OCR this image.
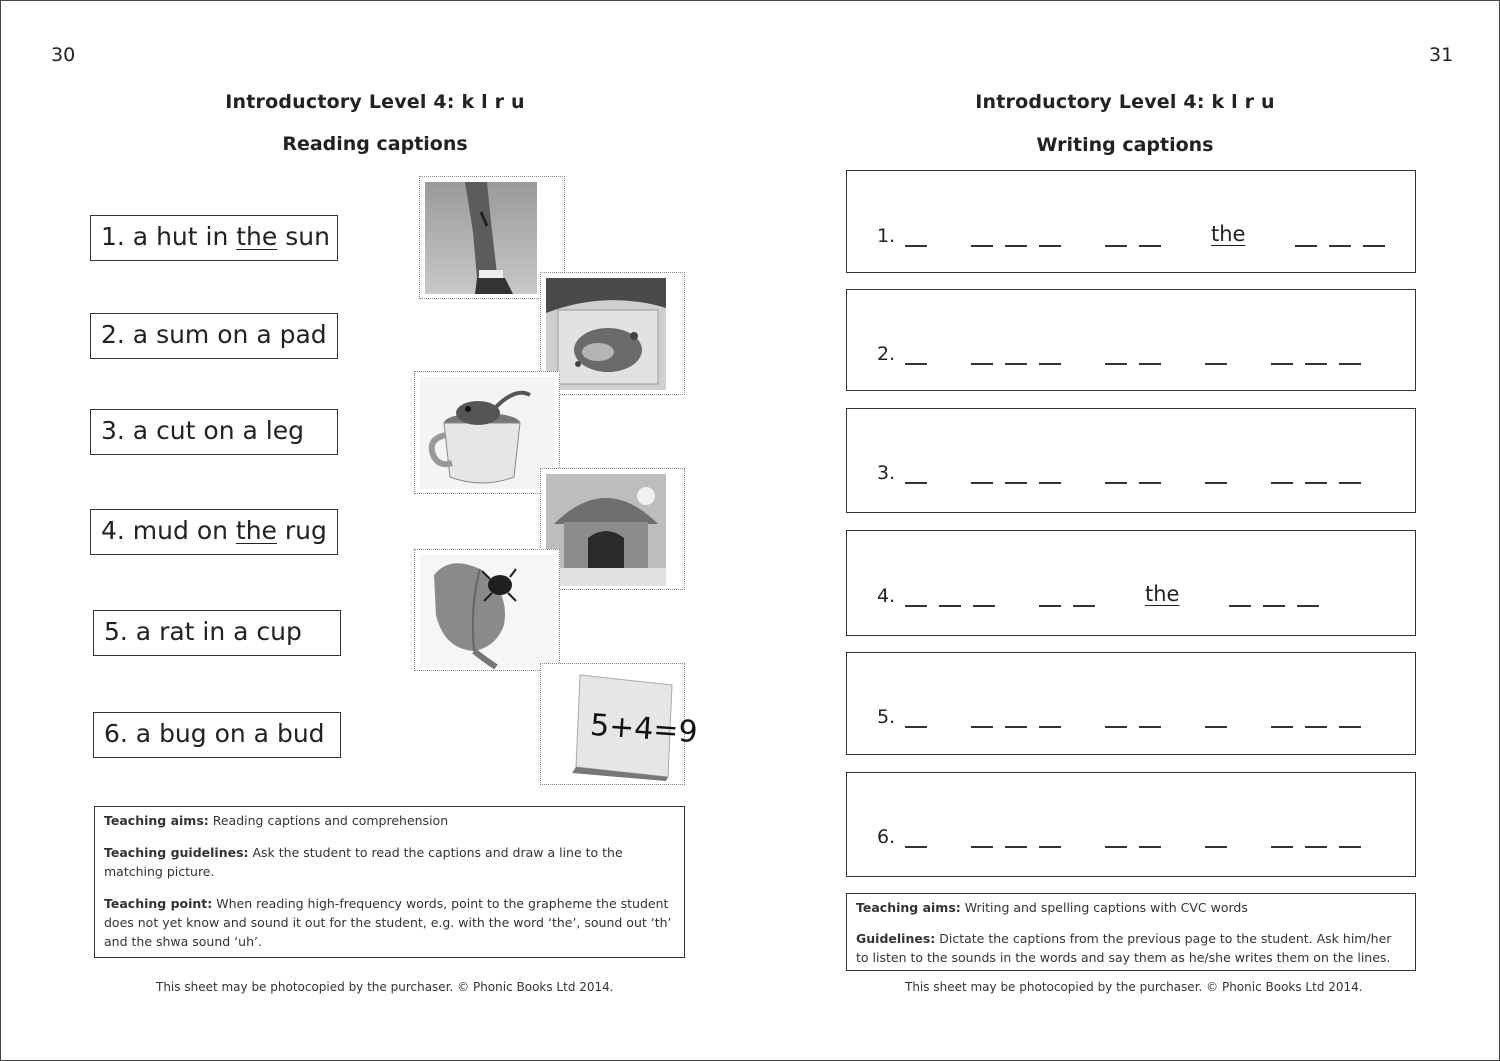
30
Introductory Level 4: k l r u
Reading captions
1. a hut in the sun
2. a sum on a pad
3. a cut on a leg
4. mud on the rug
5. a rat in a cup
6. a bug on a bud	5+4=9

Teaching aims: Reading captions and comprehension

Teaching guidelines: Ask the student to read the captions and draw a line to the matching picture.

Teaching point: When reading high-frequency words, point to the grapheme the student does not yet know and sound it out for the student, e.g. with the word ‘the’, sound out ‘th’ and the shwa sound ‘uh’.

This sheet may be photocopied by the purchaser. © Phonic Books Ltd 2014.
31
Introductory Level 4: k l r u
Writing captions
1.	the
2.
3.
4.	the
5.
6.

Teaching aims: Writing and spelling captions with CVC words

Guidelines: Dictate the captions from the previous page to the student. Ask him/her to listen to the sounds in the words and say them as he/she writes them on the lines.

This sheet may be photocopied by the purchaser. © Phonic Books Ltd 2014.
